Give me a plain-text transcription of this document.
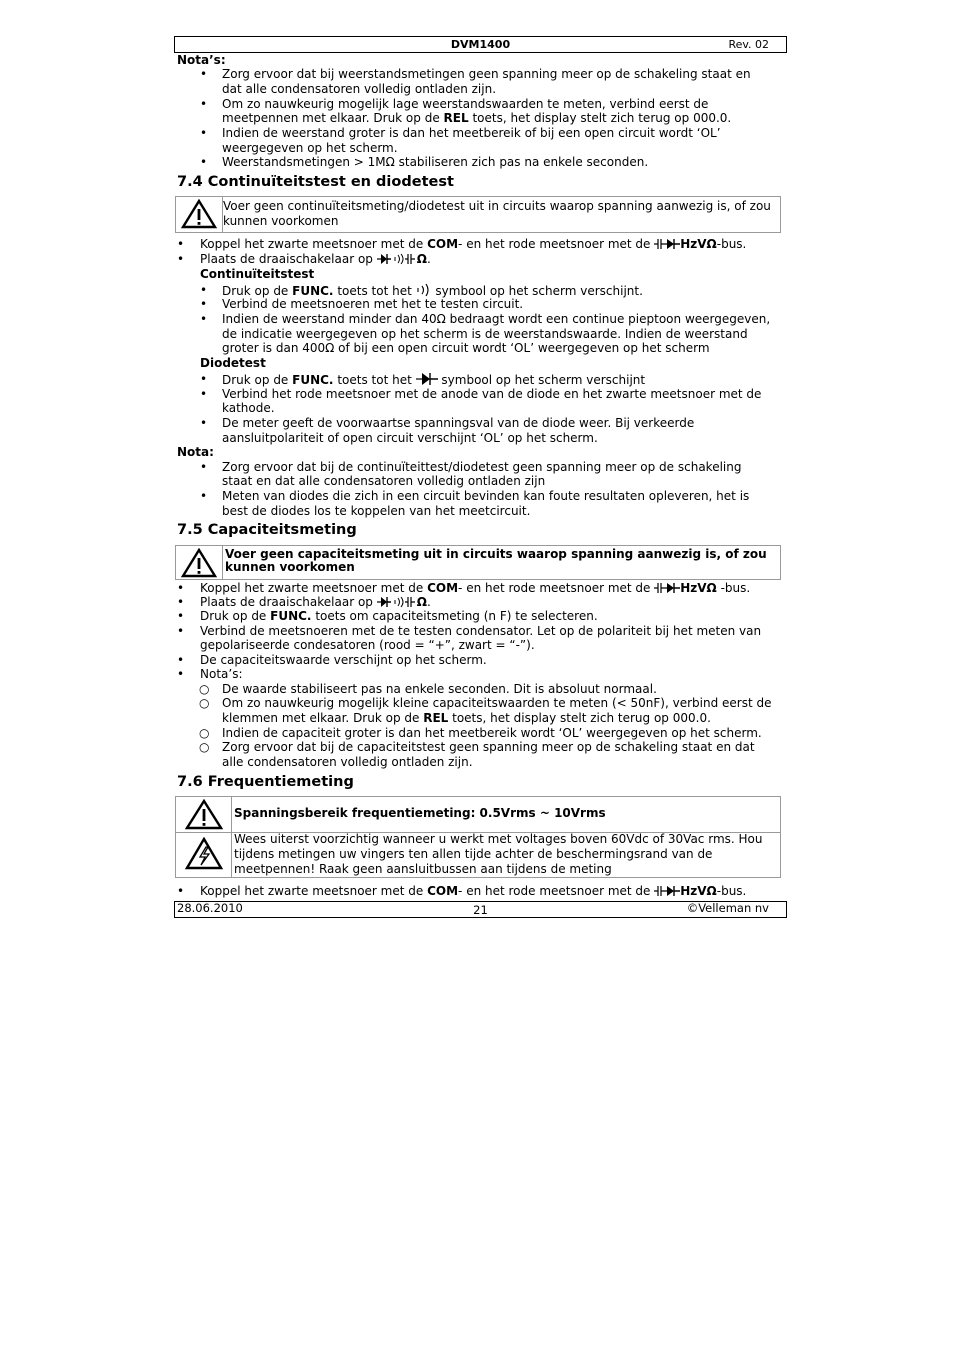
DVM1400	Rev. 02
Nota’s:
• Zorg ervoor dat bij weerstandsmetingen geen spanning meer op de schakeling staat en
dat alle condensatoren volledig ontladen zijn.
• Om zo nauwkeurig mogelijk lage weerstandswaarden te meten, verbind eerst de
meetpennen met elkaar. Druk op de REL toets, het display stelt zich terug op 000.0.
• Indien de weerstand groter is dan het meetbereik of bij een open circuit wordt ‘OL’
weergegeven op het scherm.
• Weerstandsmetingen > 1MΩ stabiliseren zich pas na enkele seconden.
7.4 Continuïteitstest en diodetest
Voer geen continuïteitsmeting/diodetest uit in circuits waarop spanning aanwezig is, of zou
kunnen voorkomen
• Koppel het zwarte meetsnoer met de COM- en het rode meetsnoer met de HzVΩ-bus.
• Plaats de draaischakelaar op	Ω.
Continuïteitstest
• Druk op de FUNC. toets tot het  symbool op het scherm verschijnt.
• Verbind de meetsnoeren met het te testen circuit.
• Indien de weerstand minder dan 40Ω bedraagt wordt een continue pieptoon weergegeven,
de indicatie weergegeven op het scherm is de weerstandswaarde. Indien de weerstand
groter is dan 400Ω of bij een open circuit wordt ‘OL’ weergegeven op het scherm
Diodetest
• Druk op de FUNC. toets tot het  symbool op het scherm verschijnt
• Verbind het rode meetsnoer met de anode van de diode en het zwarte meetsnoer met de
kathode.
• De meter geeft de voorwaartse spanningsval van de diode weer. Bij verkeerde
aansluitpolariteit of open circuit verschijnt ‘OL’ op het scherm.
Nota:
• Zorg ervoor dat bij de continuïteittest/diodetest geen spanning meer op de schakeling
staat en dat alle condensatoren volledig ontladen zijn
• Meten van diodes die zich in een circuit bevinden kan foute resultaten opleveren, het is
best de diodes los te koppelen van het meetcircuit.
7.5 Capaciteitsmeting
Voer geen capaciteitsmeting uit in circuits waarop spanning aanwezig is, of zou
kunnen voorkomen
• Koppel het zwarte meetsnoer met de COM- en het rode meetsnoer met de HzVΩ -bus.
• Plaats de draaischakelaar op	Ω.
• Druk op de FUNC. toets om capaciteitsmeting (n F) te selecteren.
• Verbind de meetsnoeren met de te testen condensator. Let op de polariteit bij het meten van
gepolariseerde condesatoren (rood = “+”, zwart = “-”).
• De capaciteitswaarde verschijnt op het scherm.
• Nota’s:
○ De waarde stabiliseert pas na enkele seconden. Dit is absoluut normaal.
○ Om zo nauwkeurig mogelijk kleine capaciteitswaarden te meten (< 50nF), verbind eerst de
klemmen met elkaar. Druk op de REL toets, het display stelt zich terug op 000.0.
○ Indien de capaciteit groter is dan het meetbereik wordt ‘OL’ weergegeven op het scherm.
○ Zorg ervoor dat bij de capaciteitstest geen spanning meer op de schakeling staat en dat
alle condensatoren volledig ontladen zijn.
7.6 Frequentiemeting
Spanningsbereik frequentiemeting: 0.5Vrms ~ 10Vrms
Wees uiterst voorzichtig wanneer u werkt met voltages boven 60Vdc of 30Vac rms. Hou
tijdens metingen uw vingers ten allen tijde achter de beschermingsrand van de
meetpennen! Raak geen aansluitbussen aan tijdens de meting
• Koppel het zwarte meetsnoer met de COM- en het rode meetsnoer met de HzVΩ-bus.
28.06.2010	21	©Velleman nv
